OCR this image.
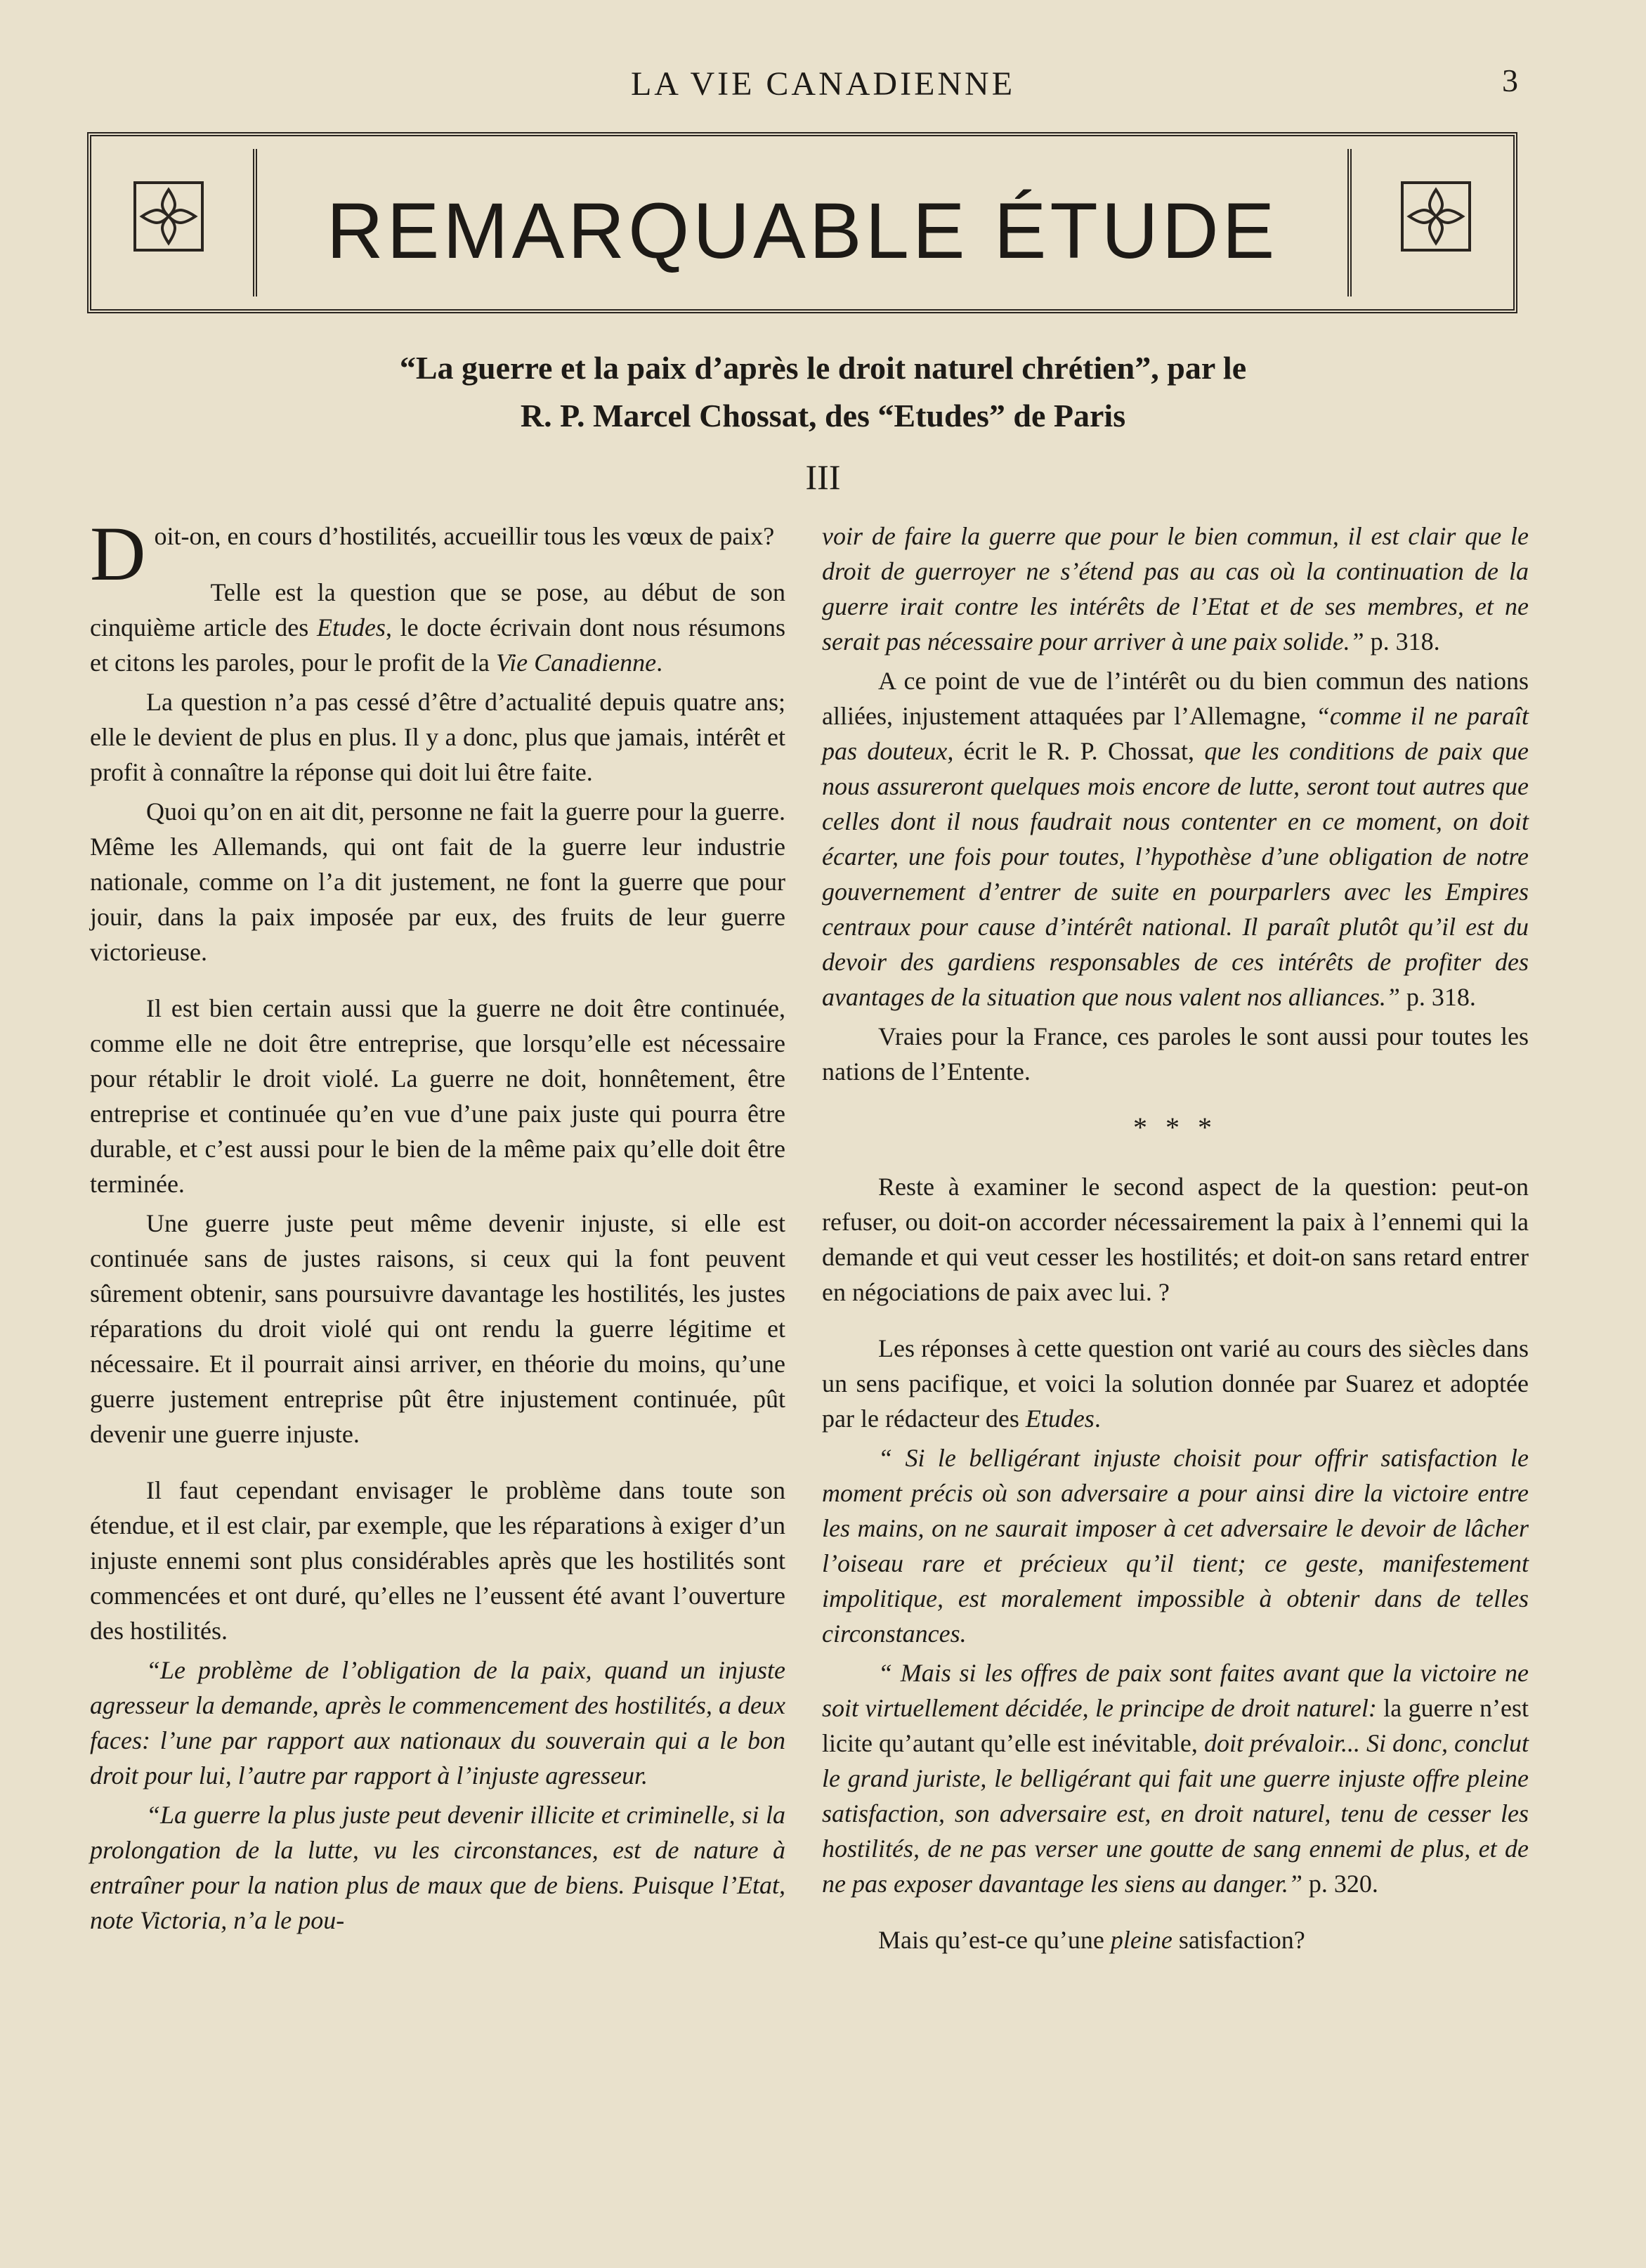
LA VIE CANADIENNE	3
REMARQUABLE ÉTUDE
“La guerre et la paix d’après le droit naturel chrétien”, par le
R. P. Marcel Chossat, des “Etudes” de Paris
III

Doit-on, en cours d’hostilités, accueillir tous les vœux de paix?

Telle est la question que se pose, au début de son cinquième article des Etudes, le docte écrivain dont nous résumons et citons les paroles, pour le profit de la Vie Canadienne.

La question n’a pas cessé d’être d’actualité depuis quatre ans; elle le devient de plus en plus. Il y a donc, plus que jamais, intérêt et profit à connaître la réponse qui doit lui être faite.

Quoi qu’on en ait dit, personne ne fait la guerre pour la guerre. Même les Allemands, qui ont fait de la guerre leur industrie nationale, comme on l’a dit justement, ne font la guerre que pour jouir, dans la paix imposée par eux, des fruits de leur guerre victorieuse.

Il est bien certain aussi que la guerre ne doit être continuée, comme elle ne doit être entreprise, que lorsqu’elle est nécessaire pour rétablir le droit violé. La guerre ne doit, honnêtement, être entreprise et continuée qu’en vue d’une paix juste qui pourra être durable, et c’est aussi pour le bien de la même paix qu’elle doit être terminée.

Une guerre juste peut même devenir injuste, si elle est continuée sans de justes raisons, si ceux qui la font peuvent sûrement obtenir, sans poursuivre davantage les hostilités, les justes réparations du droit violé qui ont rendu la guerre légitime et nécessaire. Et il pourrait ainsi arriver, en théorie du moins, qu’une guerre justement entreprise pût être injustement continuée, pût devenir une guerre injuste.

Il faut cependant envisager le problème dans toute son étendue, et il est clair, par exemple, que les réparations à exiger d’un injuste ennemi sont plus considérables après que les hostilités sont commencées et ont duré, qu’elles ne l’eussent été avant l’ouverture des hostilités.

“Le problème de l’obligation de la paix, quand un injuste agresseur la demande, après le commencement des hostilités, a deux faces: l’une par rapport aux nationaux du souverain qui a le bon droit pour lui, l’autre par rapport à l’injuste agresseur.

“La guerre la plus juste peut devenir illicite et criminelle, si la prolongation de la lutte, vu les circonstances, est de nature à entraîner pour la nation plus de maux que de biens. Puisque l’Etat, note Victoria, n’a le pou-

voir de faire la guerre que pour le bien commun, il est clair que le droit de guerroyer ne s’étend pas au cas où la continuation de la guerre irait contre les intérêts de l’Etat et de ses membres, et ne serait pas nécessaire pour arriver à une paix solide.” p. 318.

A ce point de vue de l’intérêt ou du bien commun des nations alliées, injustement attaquées par l’Allemagne, “comme il ne paraît pas douteux, écrit le R. P. Chossat, que les conditions de paix que nous assureront quelques mois encore de lutte, seront tout autres que celles dont il nous faudrait nous contenter en ce moment, on doit écarter, une fois pour toutes, l’hypothèse d’une obligation de notre gouvernement d’entrer de suite en pourparlers avec les Empires centraux pour cause d’intérêt national. Il paraît plutôt qu’il est du devoir des gardiens responsables de ces intérêts de profiter des avantages de la situation que nous valent nos alliances.” p. 318.

Vraies pour la France, ces paroles le sont aussi pour toutes les nations de l’Entente.

* * *

Reste à examiner le second aspect de la question: peut-on refuser, ou doit-on accorder nécessairement la paix à l’ennemi qui la demande et qui veut cesser les hostilités; et doit-on sans retard entrer en négociations de paix avec lui. ?

Les réponses à cette question ont varié au cours des siècles dans un sens pacifique, et voici la solution donnée par Suarez et adoptée par le rédacteur des Etudes.

“ Si le belligérant injuste choisit pour offrir satisfaction le moment précis où son adversaire a pour ainsi dire la victoire entre les mains, on ne saurait imposer à cet adversaire le devoir de lâcher l’oiseau rare et précieux qu’il tient; ce geste, manifestement impolitique, est moralement impossible à obtenir dans de telles circonstances.

“ Mais si les offres de paix sont faites avant que la victoire ne soit virtuellement décidée, le principe de droit naturel: la guerre n’est licite qu’autant qu’elle est inévitable, doit prévaloir... Si donc, conclut le grand juriste, le belligérant qui fait une guerre injuste offre pleine satisfaction, son adversaire est, en droit naturel, tenu de cesser les hostilités, de ne pas verser une goutte de sang ennemi de plus, et de ne pas exposer davantage les siens au danger.” p. 320.

Mais qu’est-ce qu’une pleine satisfaction?
